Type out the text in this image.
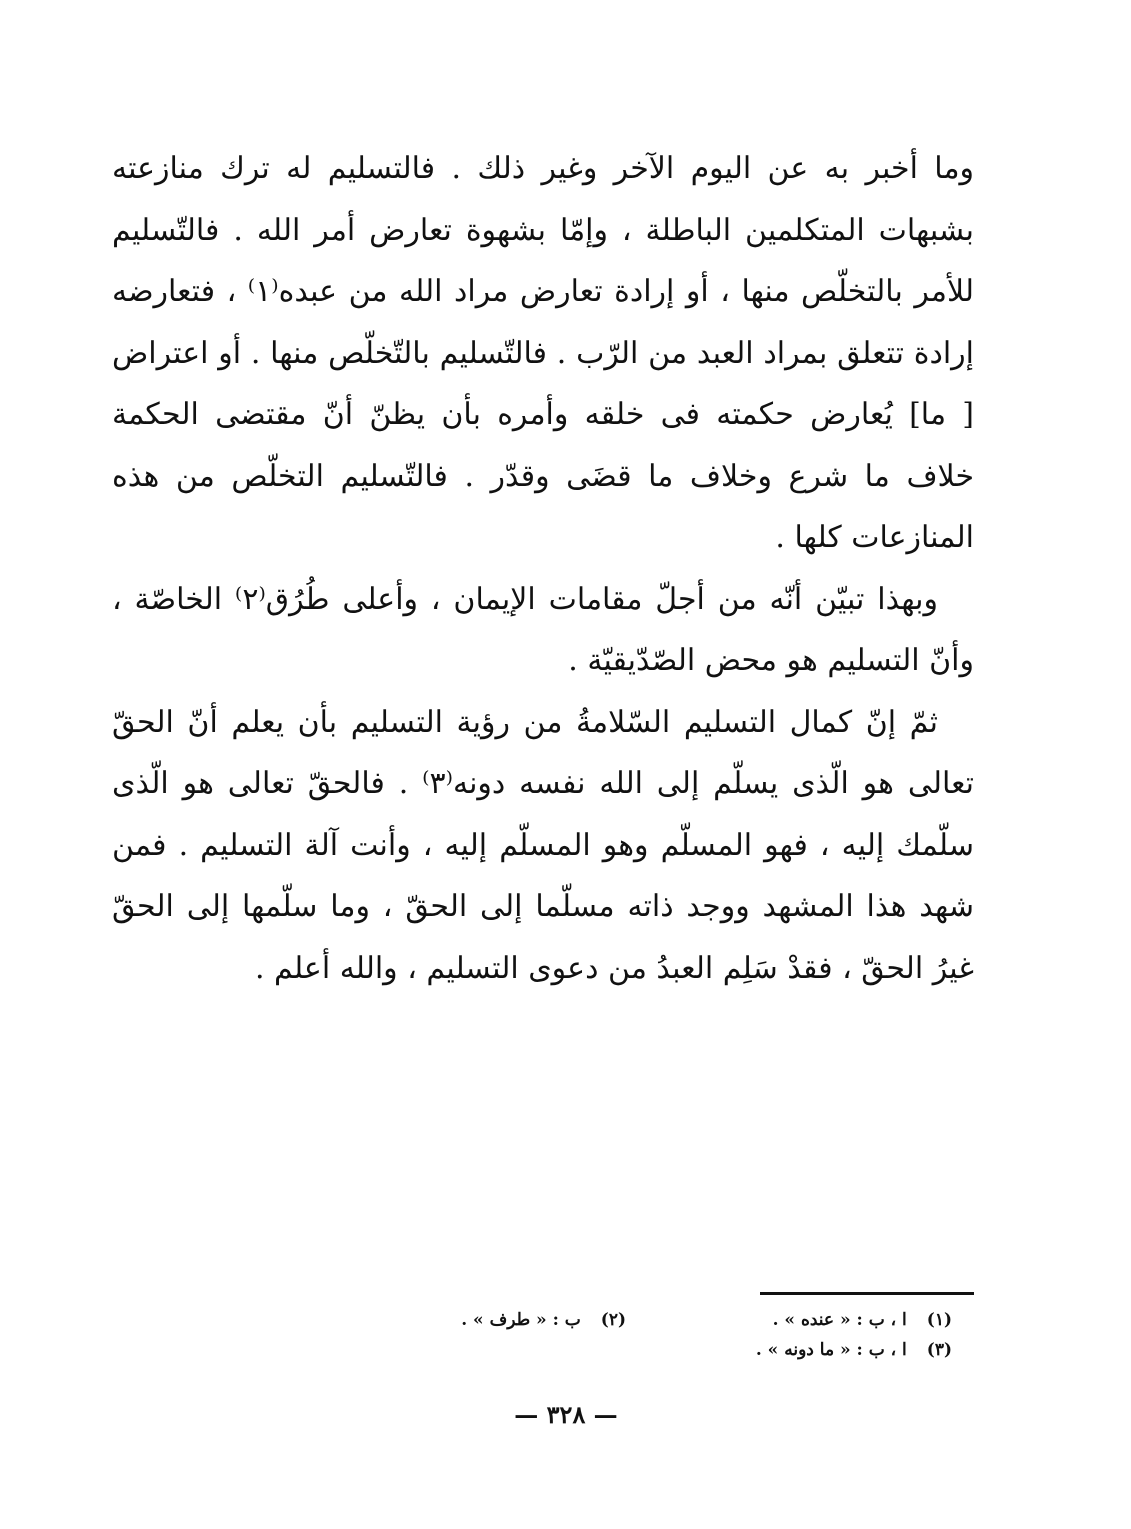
وما أخبر به عن اليوم الآخر وغير ذلك . فالتسليم له ترك منازعته بشبهات المتكلمين الباطلة ، وإمّا بشهوة تعارض أمر الله . فالتّسليم للأمر بالتخلّص منها ، أو إرادة تعارض مراد الله من عبده⁽١⁾ ، فتعارضه إرادة تتعلق بمراد العبد من الرّب . فالتّسليم بالتّخلّص منها . أو اعتراض [ ما] يُعارض حكمته فى خلقه وأمره بأن يظنّ أنّ مقتضى الحكمة خلاف ما شرع وخلاف ما قضَى وقدّر . فالتّسليم التخلّص من هذه المنازعات كلها .

وبهذا تبيّن أنّه من أجلّ مقامات الإيمان ، وأعلى طُرُق⁽٢⁾ الخاصّة ، وأنّ التسليم هو محض الصّدّيقيّة .

ثمّ إنّ كمال التسليم السّلامةُ من رؤية التسليم بأن يعلم أنّ الحقّ تعالى هو الّذى يسلّم إلى الله نفسه دونه⁽٣⁾ . فالحقّ تعالى هو الّذى سلّمك إليه ، فهو المسلّم وهو المسلّم إليه ، وأنت آلة التسليم . فمن شهد هذا المشهد ووجد ذاته مسلّما إلى الحقّ ، وما سلّمها إلى الحقّ غيرُ الحقّ ، فقدْ سَلِم العبدُ من دعوى التسليم ، والله أعلم .

(١)ا ، ب : « عنده » .
(٢)ب : « طرف » .
(٣)ا ، ب : « ما دونه » .
— ٣٢٨ —
